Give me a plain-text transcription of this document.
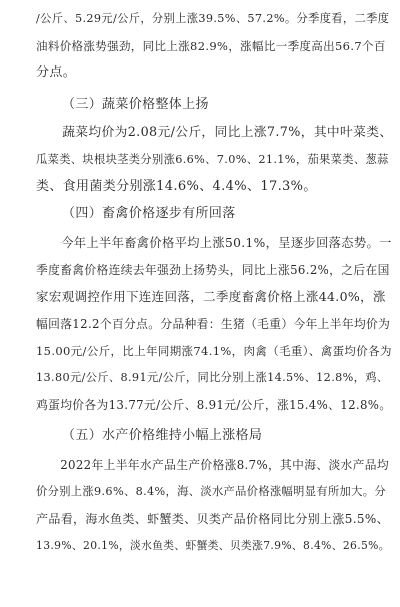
/公斤、5.29元/公斤，分别上涨39.5%、57.2%。分季度看，二季度
油料价格涨势强劲，同比上涨82.9%，涨幅比一季度高出56.7个百
分点。
（三）蔬菜价格整体上扬
　　蔬菜均价为2.08元/公斤，同比上涨7.7%，其中叶菜类、
瓜菜类、块根块茎类分别涨6.6%、7.0%、21.1%，茄果菜类、葱蒜
类、食用菌类分别涨14.6%、4.4%、17.3%。
（四）畜禽价格逐步有所回落
　　今年上半年畜禽价格平均上涨50.1%，呈逐步回落态势。一
季度畜禽价格连续去年强劲上扬势头，同比上涨56.2%，之后在国
家宏观调控作用下连连回落，二季度畜禽价格上涨44.0%，涨
幅回落12.2个百分点。分品种看：生猪（毛重）今年上半年均价为
15.00元/公斤，比上年同期涨74.1%，肉禽（毛重）、禽蛋均价各为
13.80元/公斤、8.91元/公斤，同比分别上涨14.5%、12.8%，鸡、
鸡蛋均价各为13.77元/公斤、8.91元/公斤，涨15.4%、12.8%。
（五）水产价格维持小幅上涨格局
　　2022年上半年水产品生产价格涨8.7%，其中海、淡水产品均
价分别上涨9.6%、8.4%，海、淡水产品价格涨幅明显有所加大。分
产品看，海水鱼类、虾蟹类、贝类产品价格同比分别上涨5.5%、
13.9%、20.1%，淡水鱼类、虾蟹类、贝类涨7.9%、8.4%、26.5%。
